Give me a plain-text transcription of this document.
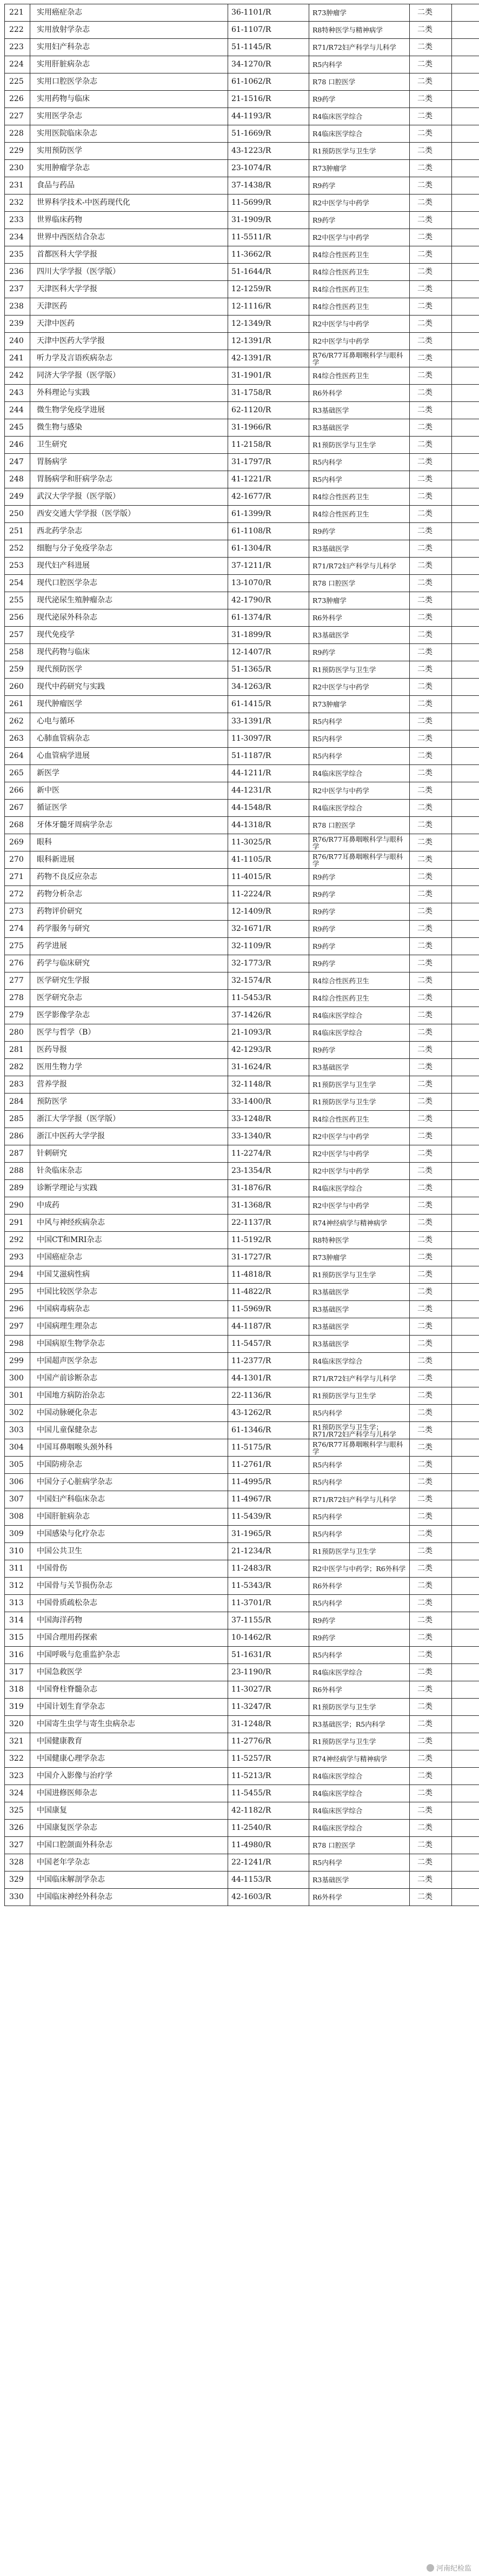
221	实用癌症杂志	36-1101/R	R73肿瘤学	二类	
222	实用放射学杂志	61-1107/R	R8特种医学与精神病学	二类	
223	实用妇产科杂志	51-1145/R	R71/R72妇产科学与儿科学	二类	
224	实用肝脏病杂志	34-1270/R	R5内科学	二类	
225	实用口腔医学杂志	61-1062/R	R78 口腔医学	二类	
226	实用药物与临床	21-1516/R	R9药学	二类	
227	实用医学杂志	44-1193/R	R4临床医学综合	二类	
228	实用医院临床杂志	51-1669/R	R4临床医学综合	二类	
229	实用预防医学	43-1223/R	R1预防医学与卫生学	二类	
230	实用肿瘤学杂志	23-1074/R	R73肿瘤学	二类	
231	食品与药品	37-1438/R	R9药学	二类	
232	世界科学技术-中医药现代化	11-5699/R	R2中医学与中药学	二类	
233	世界临床药物	31-1909/R	R9药学	二类	
234	世界中西医结合杂志	11-5511/R	R2中医学与中药学	二类	
235	首都医科大学学报	11-3662/R	R4综合性医药卫生	二类	
236	四川大学学报（医学版）	51-1644/R	R4综合性医药卫生	二类	
237	天津医科大学学报	12-1259/R	R4综合性医药卫生	二类	
238	天津医药	12-1116/R	R4综合性医药卫生	二类	
239	天津中医药	12-1349/R	R2中医学与中药学	二类	
240	天津中医药大学学报	12-1391/R	R2中医学与中药学	二类	
241	听力学及言语疾病杂志	42-1391/R	R76/R77耳鼻咽喉科学与眼科学	二类	
242	同济大学学报（医学版）	31-1901/R	R4综合性医药卫生	二类	
243	外科理论与实践	31-1758/R	R6外科学	二类	
244	微生物学免疫学进展	62-1120/R	R3基础医学	二类	
245	微生物与感染	31-1966/R	R3基础医学	二类	
246	卫生研究	11-2158/R	R1预防医学与卫生学	二类	
247	胃肠病学	31-1797/R	R5内科学	二类	
248	胃肠病学和肝病学杂志	41-1221/R	R5内科学	二类	
249	武汉大学学报（医学版）	42-1677/R	R4综合性医药卫生	二类	
250	西安交通大学学报（医学版）	61-1399/R	R4综合性医药卫生	二类	
251	西北药学杂志	61-1108/R	R9药学	二类	
252	细胞与分子免疫学杂志	61-1304/R	R3基础医学	二类	
253	现代妇产科进展	37-1211/R	R71/R72妇产科学与儿科学	二类	
254	现代口腔医学杂志	13-1070/R	R78 口腔医学	二类	
255	现代泌尿生殖肿瘤杂志	42-1790/R	R73肿瘤学	二类	
256	现代泌尿外科杂志	61-1374/R	R6外科学	二类	
257	现代免疫学	31-1899/R	R3基础医学	二类	
258	现代药物与临床	12-1407/R	R9药学	二类	
259	现代预防医学	51-1365/R	R1预防医学与卫生学	二类	
260	现代中药研究与实践	34-1263/R	R2中医学与中药学	二类	
261	现代肿瘤医学	61-1415/R	R73肿瘤学	二类	
262	心电与循环	33-1391/R	R5内科学	二类	
263	心肺血管病杂志	11-3097/R	R5内科学	二类	
264	心血管病学进展	51-1187/R	R5内科学	二类	
265	新医学	44-1211/R	R4临床医学综合	二类	
266	新中医	44-1231/R	R2中医学与中药学	二类	
267	循证医学	44-1548/R	R4临床医学综合	二类	
268	牙体牙髓牙周病学杂志	44-1318/R	R78 口腔医学	二类	
269	眼科	11-3025/R	R76/R77耳鼻咽喉科学与眼科学	二类	
270	眼科新进展	41-1105/R	R76/R77耳鼻咽喉科学与眼科学	二类	
271	药物不良反应杂志	11-4015/R	R9药学	二类	
272	药物分析杂志	11-2224/R	R9药学	二类	
273	药物评价研究	12-1409/R	R9药学	二类	
274	药学服务与研究	32-1671/R	R9药学	二类	
275	药学进展	32-1109/R	R9药学	二类	
276	药学与临床研究	32-1773/R	R9药学	二类	
277	医学研究生学报	32-1574/R	R4综合性医药卫生	二类	
278	医学研究杂志	11-5453/R	R4综合性医药卫生	二类	
279	医学影像学杂志	37-1426/R	R4临床医学综合	二类	
280	医学与哲学（B）	21-1093/R	R4临床医学综合	二类	
281	医药导报	42-1293/R	R9药学	二类	
282	医用生物力学	31-1624/R	R3基础医学	二类	
283	营养学报	32-1148/R	R1预防医学与卫生学	二类	
284	预防医学	33-1400/R	R1预防医学与卫生学	二类	
285	浙江大学学报（医学版）	33-1248/R	R4综合性医药卫生	二类	
286	浙江中医药大学学报	33-1340/R	R2中医学与中药学	二类	
287	针刺研究	11-2274/R	R2中医学与中药学	二类	
288	针灸临床杂志	23-1354/R	R2中医学与中药学	二类	
289	诊断学理论与实践	31-1876/R	R4临床医学综合	二类	
290	中成药	31-1368/R	R2中医学与中药学	二类	
291	中风与神经疾病杂志	22-1137/R	R74神经病学与精神病学	二类	
292	中国CT和MRI杂志	11-5192/R	R8特种医学	二类	
293	中国癌症杂志	31-1727/R	R73肿瘤学	二类	
294	中国艾滋病性病	11-4818/R	R1预防医学与卫生学	二类	
295	中国比较医学杂志	11-4822/R	R3基础医学	二类	
296	中国病毒病杂志	11-5969/R	R3基础医学	二类	
297	中国病理生理杂志	44-1187/R	R3基础医学	二类	
298	中国病原生物学杂志	11-5457/R	R3基础医学	二类	
299	中国超声医学杂志	11-2377/R	R4临床医学综合	二类	
300	中国产前诊断杂志	44-1301/R	R71/R72妇产科学与儿科学	二类	
301	中国地方病防治杂志	22-1136/R	R1预防医学与卫生学	二类	
302	中国动脉硬化杂志	43-1262/R	R5内科学	二类	
303	中国儿童保健杂志	61-1346/R	R1预防医学与卫生学；R71/R72妇产科学与儿科学	二类	
304	中国耳鼻咽喉头颈外科	11-5175/R	R76/R77耳鼻咽喉科学与眼科学	二类	
305	中国防痨杂志	11-2761/R	R5内科学	二类	
306	中国分子心脏病学杂志	11-4995/R	R5内科学	二类	
307	中国妇产科临床杂志	11-4967/R	R71/R72妇产科学与儿科学	二类	
308	中国肝脏病杂志	11-5439/R	R5内科学	二类	
309	中国感染与化疗杂志	31-1965/R	R5内科学	二类	
310	中国公共卫生	21-1234/R	R1预防医学与卫生学	二类	
311	中国骨伤	11-2483/R	R2中医学与中药学；R6外科学	二类	
312	中国骨与关节损伤杂志	11-5343/R	R6外科学	二类	
313	中国骨质疏松杂志	11-3701/R	R5内科学	二类	
314	中国海洋药物	37-1155/R	R9药学	二类	
315	中国合理用药探索	10-1462/R	R9药学	二类	
316	中国呼吸与危重监护杂志	51-1631/R	R5内科学	二类	
317	中国急救医学	23-1190/R	R4临床医学综合	二类	
318	中国脊柱脊髓杂志	11-3027/R	R6外科学	二类	
319	中国计划生育学杂志	11-3247/R	R1预防医学与卫生学	二类	
320	中国寄生虫学与寄生虫病杂志	31-1248/R	R3基础医学；R5内科学	二类	
321	中国健康教育	11-2776/R	R1预防医学与卫生学	二类	
322	中国健康心理学杂志	11-5257/R	R74神经病学与精神病学	二类	
323	中国介入影像与治疗学	11-5213/R	R4临床医学综合	二类	
324	中国进修医师杂志	11-5455/R	R4临床医学综合	二类	
325	中国康复	42-1182/R	R4临床医学综合	二类	
326	中国康复医学杂志	11-2540/R	R4临床医学综合	二类	
327	中国口腔颌面外科杂志	11-4980/R	R78 口腔医学	二类	
328	中国老年学杂志	22-1241/R	R5内科学	二类	
329	中国临床解剖学杂志	44-1153/R	R3基础医学	二类	
330	中国临床神经外科杂志	42-1603/R	R6外科学	二类	
河南纪检监
